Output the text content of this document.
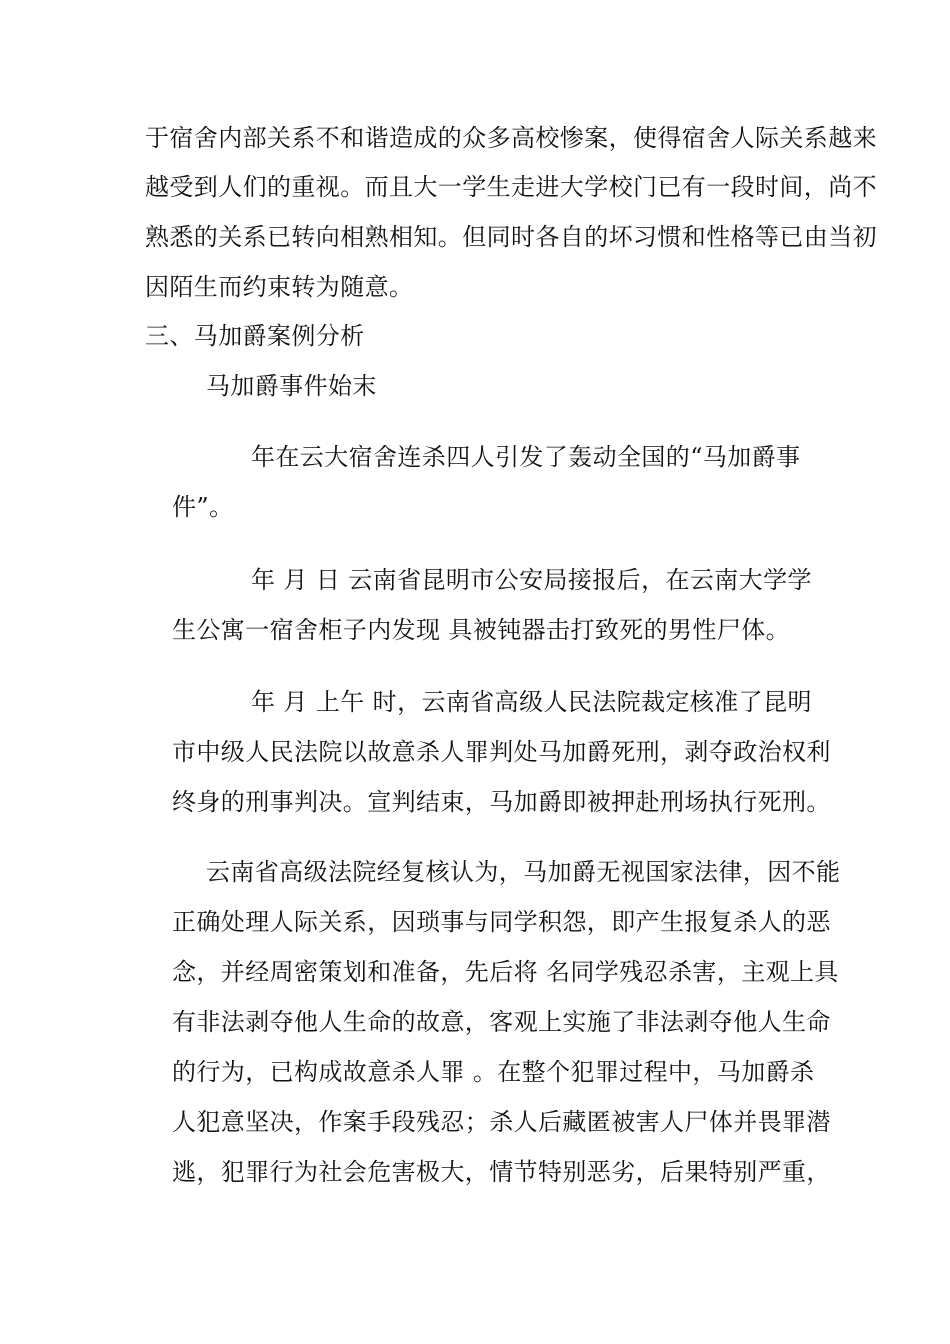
于宿舍内部关系不和谐造成的众多高校惨案，使得宿舍人际关系越来
越受到人们的重视。而且大一学生走进大学校门已有一段时间，尚不
熟悉的关系已转向相熟相知。但同时各自的坏习惯和性格等已由当初
因陌生而约束转为随意。
三、马加爵案例分析
马加爵事件始末
年在云大宿舍连杀四人引发了轰动全国的“马加爵事
件”。
年 月 日 云南省昆明市公安局接报后，在云南大学学
生公寓一宿舍柜子内发现 具被钝器击打致死的男性尸体。
年 月 上午 时，云南省高级人民法院裁定核准了昆明
市中级人民法院以故意杀人罪判处马加爵死刑，剥夺政治权利
终身的刑事判决。宣判结束，马加爵即被押赴刑场执行死刑。
云南省高级法院经复核认为，马加爵无视国家法律，因不能
正确处理人际关系，因琐事与同学积怨，即产生报复杀人的恶
念，并经周密策划和准备，先后将 名同学残忍杀害，主观上具
有非法剥夺他人生命的故意，客观上实施了非法剥夺他人生命
的行为，已构成故意杀人罪 。在整个犯罪过程中，马加爵杀
人犯意坚决，作案手段残忍；杀人后藏匿被害人尸体并畏罪潜
逃，犯罪行为社会危害极大，情节特别恶劣，后果特别严重，
